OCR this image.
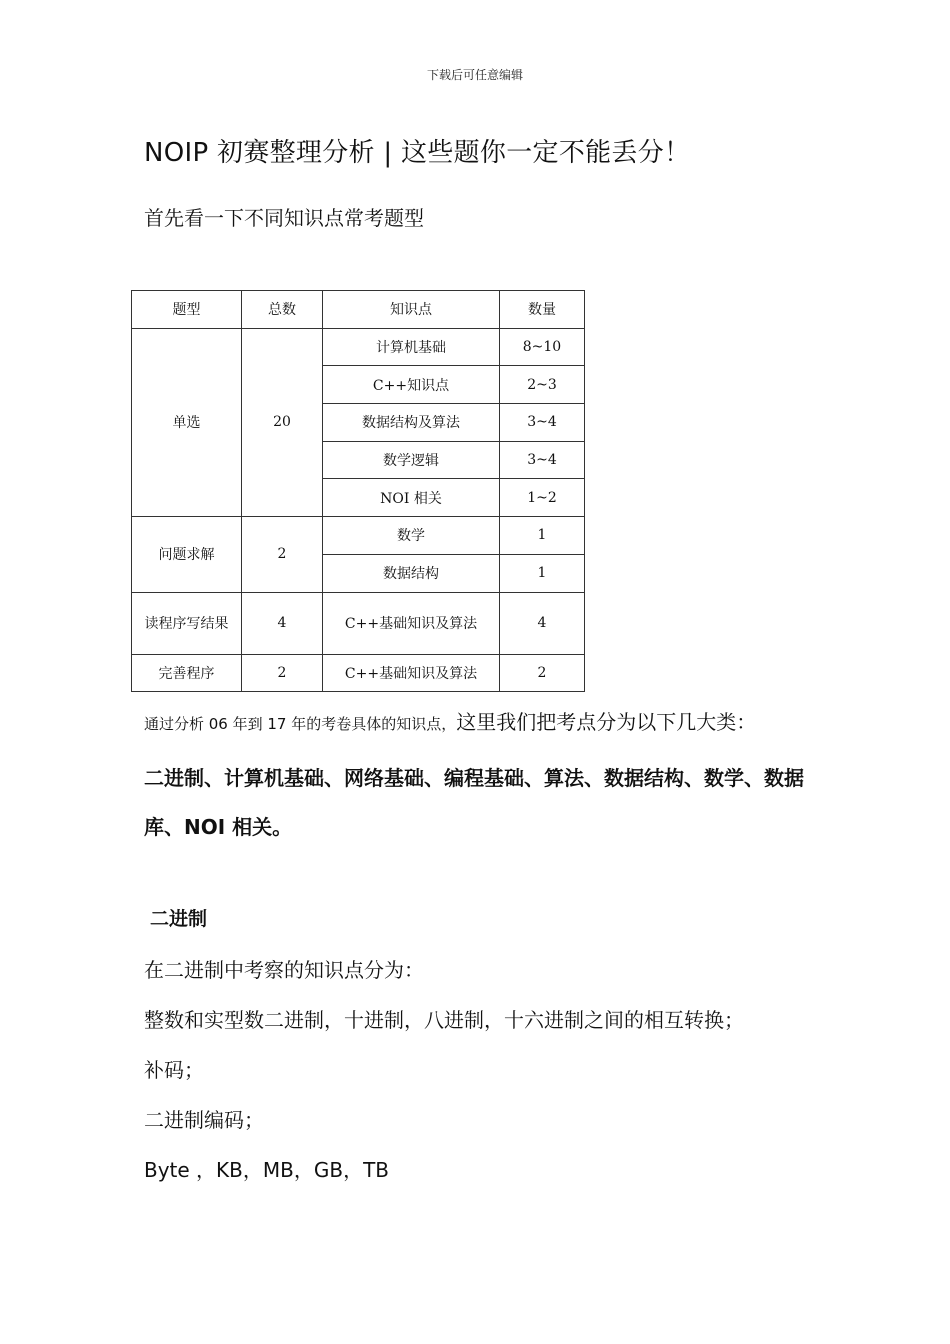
下载后可任意编辑
NOIP 初赛整理分析 | 这些题你一定不能丢分！
首先看一下不同知识点常考题型
题型	总数	知识点	数量
单选	20	计算机基础	8~10
		C++知识点	2~3
		数据结构及算法	3~4
		数学逻辑	3~4
		NOI 相关	1~2
问题求解	2	数学	1
		数据结构	1
读程序写结果	4	C++基础知识及算法	4
完善程序	2	C++基础知识及算法	2

通过分析 06 年到 17 年的考卷具体的知识点，这里我们把考点分为以下几大类：

二进制、计算机基础、网络基础、编程基础、算法、数据结构、数学、数据库、NOI 相关。

二进制

在二进制中考察的知识点分为：

整数和实型数二进制，十进制，八进制，十六进制之间的相互转换；

补码；

二进制编码；

Byte ，KB，MB，GB，TB
